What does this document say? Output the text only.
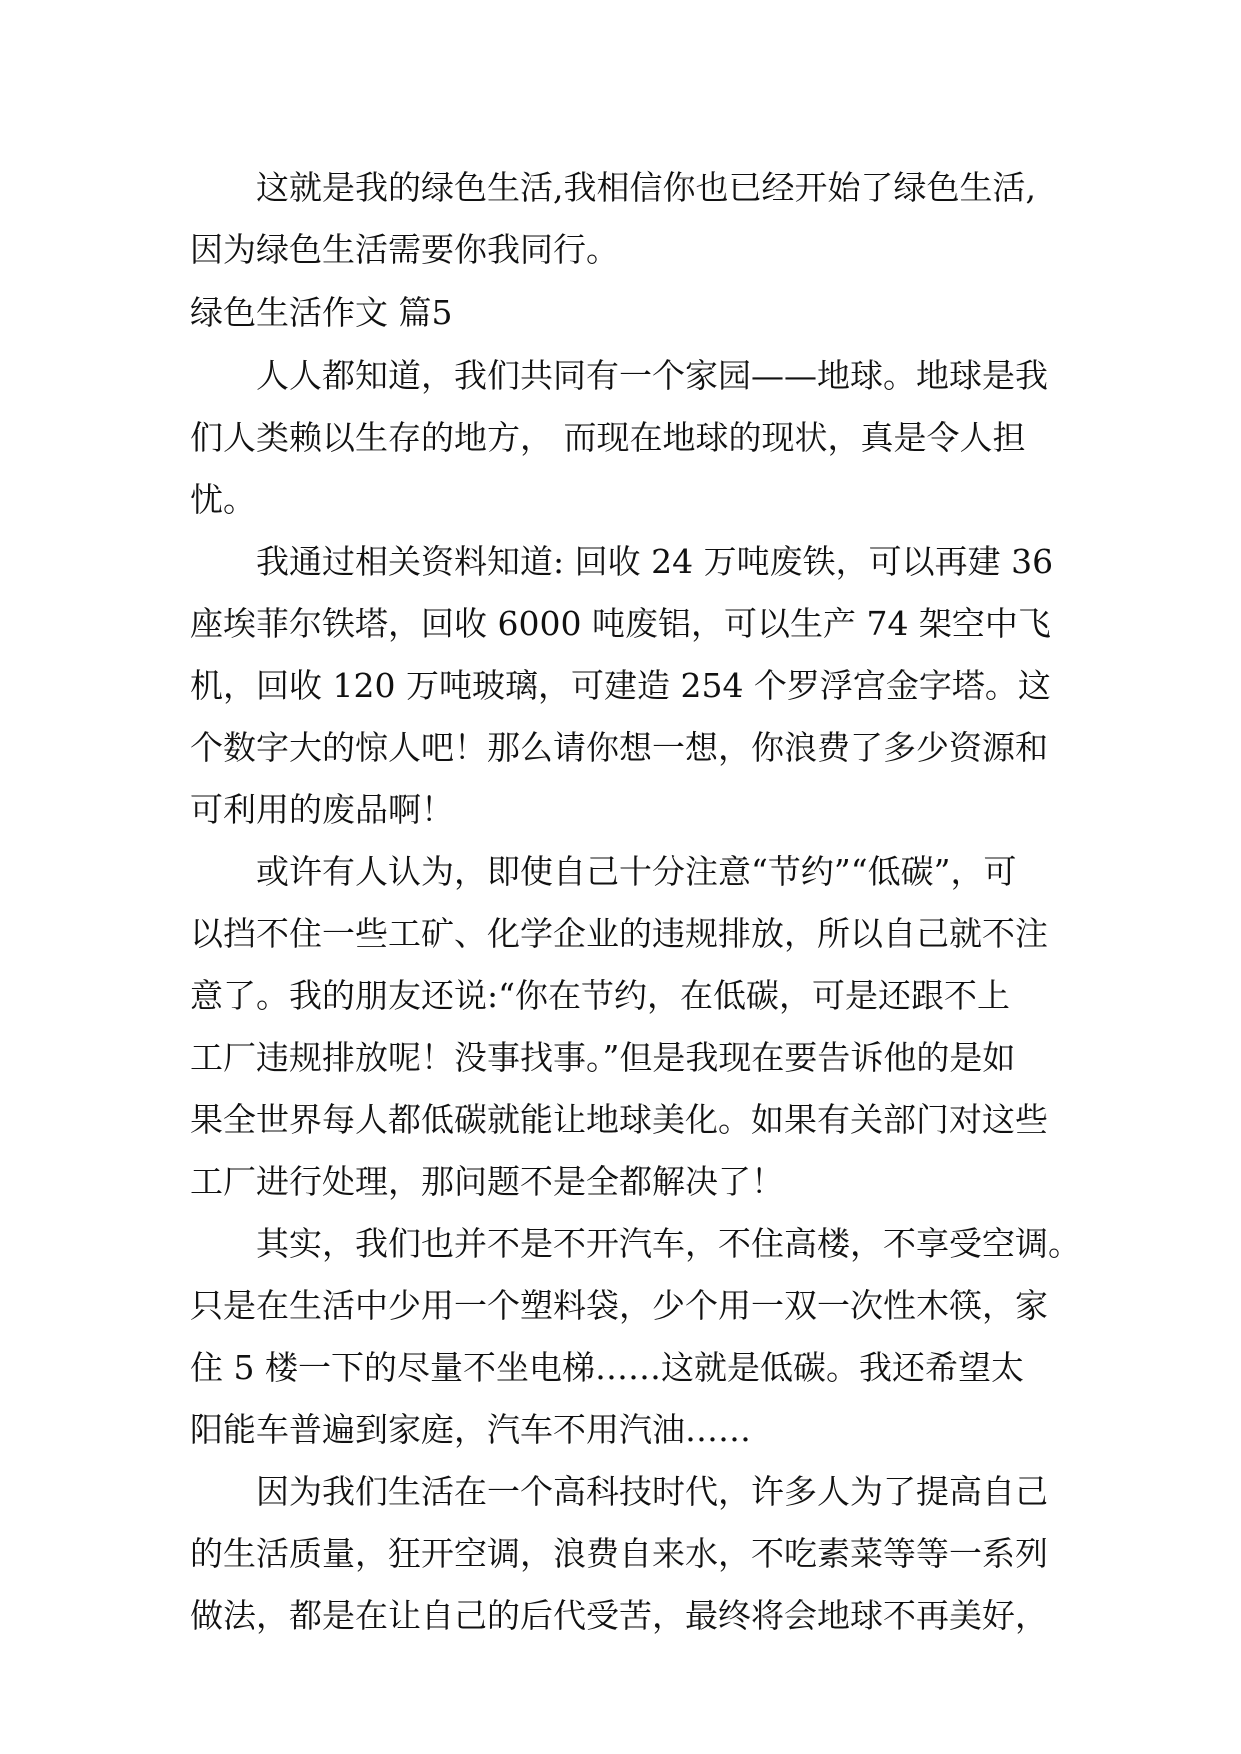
这就是我的绿色生活,我相信你也已经开始了绿色生活,
因为绿色生活需要你我同行。
绿色生活作文 篇5
人人都知道，我们共同有一个家园——地球。地球是我
们人类赖以生存的地方， 而现在地球的现状，真是令人担
忧。
我通过相关资料知道: 回收 24 万吨废铁，可以再建 36
座埃菲尔铁塔，回收 6000 吨废铝，可以生产 74 架空中飞
机，回收 120 万吨玻璃，可建造 254 个罗浮宫金字塔。这
个数字大的惊人吧！那么请你想一想，你浪费了多少资源和
可利用的废品啊！
或许有人认为，即使自己十分注意“节约”“低碳”，可
以挡不住一些工矿、化学企业的违规排放，所以自己就不注
意了。我的朋友还说:“你在节约，在低碳，可是还跟不上
工厂违规排放呢！没事找事。”但是我现在要告诉他的是如
果全世界每人都低碳就能让地球美化。如果有关部门对这些
工厂进行处理，那问题不是全都解决了！
其实，我们也并不是不开汽车，不住高楼，不享受空调。
只是在生活中少用一个塑料袋，少个用一双一次性木筷，家
住 5 楼一下的尽量不坐电梯……这就是低碳。我还希望太
阳能车普遍到家庭，汽车不用汽油……
因为我们生活在一个高科技时代，许多人为了提高自己
的生活质量，狂开空调，浪费自来水，不吃素菜等等一系列
做法，都是在让自己的后代受苦，最终将会地球不再美好，
